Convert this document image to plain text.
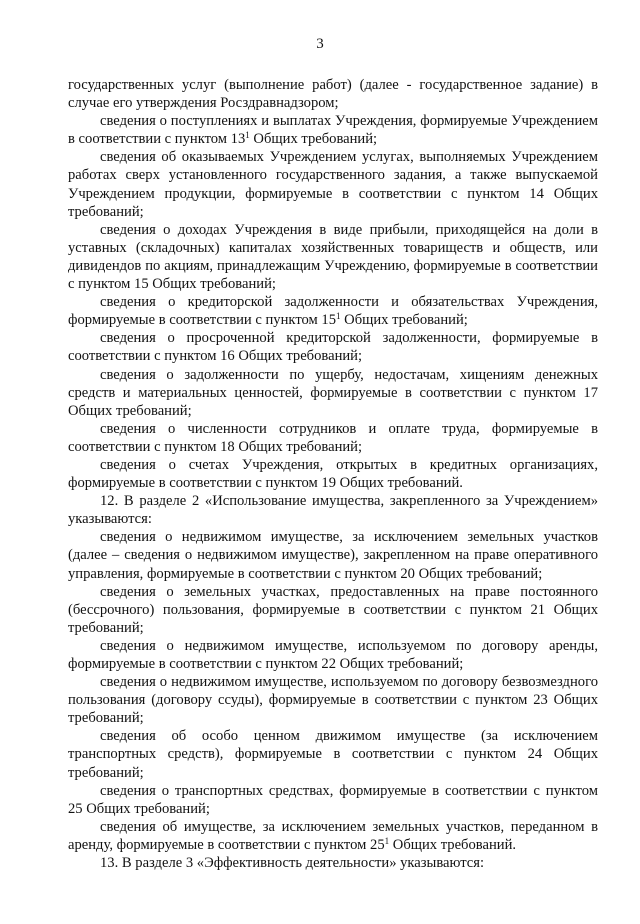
3

государственных услуг (выполнение работ) (далее - государственное задание) в случае его утверждения Росздравнадзором;

сведения о поступлениях и выплатах Учреждения, формируемые Учреждением в соответствии с пунктом $13^1$ Общих требований;

сведения об оказываемых Учреждением услугах, выполняемых Учреждением работах сверх установленного государственного задания, а также выпускаемой Учреждением продукции, формируемые в соответствии с пунктом 14 Общих требований;

сведения о доходах Учреждения в виде прибыли, приходящейся на доли в уставных (складочных) капиталах хозяйственных товариществ и обществ, или дивидендов по акциям, принадлежащим Учреждению, формируемые в соответствии с пунктом 15 Общих требований;

сведения о кредиторской задолженности и обязательствах Учреждения, формируемые в соответствии с пунктом $15^1$ Общих требований;

сведения о просроченной кредиторской задолженности, формируемые в соответствии с пунктом 16 Общих требований;

сведения о задолженности по ущербу, недостачам, хищениям денежных средств и материальных ценностей, формируемые в соответствии с пунктом 17 Общих требований;

сведения о численности сотрудников и оплате труда, формируемые в соответствии с пунктом 18 Общих требований;

сведения о счетах Учреждения, открытых в кредитных организациях, формируемые в соответствии с пунктом 19 Общих требований.

12. В разделе 2 «Использование имущества, закрепленного за Учреждением» указываются:

сведения о недвижимом имуществе, за исключением земельных участков (далее – сведения о недвижимом имуществе), закрепленном на праве оперативного управления, формируемые в соответствии с пунктом 20 Общих требований;

сведения о земельных участках, предоставленных на праве постоянного (бессрочного) пользования, формируемые в соответствии с пунктом 21 Общих требований;

сведения о недвижимом имуществе, используемом по договору аренды, формируемые в соответствии с пунктом 22 Общих требований;

сведения о недвижимом имуществе, используемом по договору безвозмездного пользования (договору ссуды), формируемые в соответствии с пунктом 23 Общих требований;

сведения об особо ценном движимом имуществе (за исключением транспортных средств), формируемые в соответствии с пунктом 24 Общих требований;

сведения о транспортных средствах, формируемые в соответствии с пунктом 25 Общих требований;

сведения об имуществе, за исключением земельных участков, переданном в аренду, формируемые в соответствии с пунктом $25^1$ Общих требований.

13. В разделе 3 «Эффективность деятельности» указываются:
